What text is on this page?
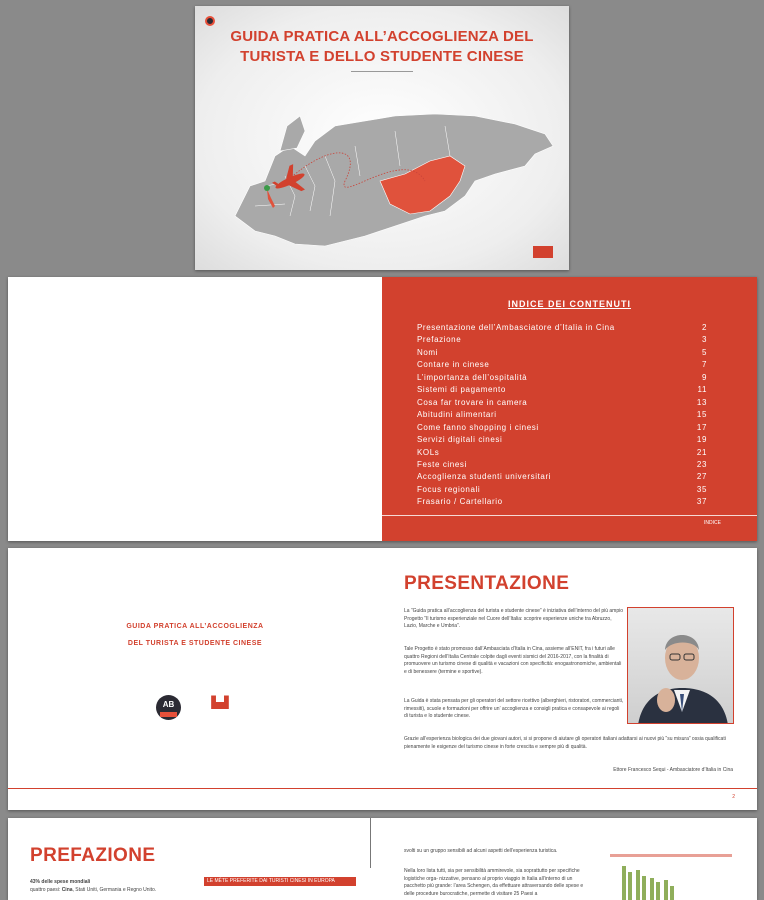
GUIDA PRATICA ALL’ACCOGLIENZA DEL
TURISTA E DELLO STUDENTE CINESE
INDICE DEI CONTENUTI
Presentazione dell’Ambasciatore d’Italia in Cina	2
Prefazione	3
Nomi	5
Contare in cinese	7
L’importanza dell’ospitalità	9
Sistemi di pagamento	11
Cosa far trovare in camera	13
Abitudini alimentari	15
Come fanno shopping i cinesi	17
Servizi digitali cinesi	19
KOLs	21
Feste cinesi	23
Accoglienza studenti universitari	27
Focus regionali	35
Frasario / Cartellario	37
INDICE
GUIDA PRATICA ALL’ACCOGLIENZA
DEL TURISTA E STUDENTE CINESE
AB	▙▟
PRESENTAZIONE
La “Guida pratica all’accoglienza del turista e studente cinese” è iniziativa dell’interno del più ampio Progetto “Il turismo esperienziale nel Cuore dell’Italia: scoprire esperienze uniche tra Abruzzo, Lazio, Marche e Umbria”.
Tale Progetto è stato promosso dall’Ambasciata d’Italia in Cina, assieme all’ENIT, fra i futuri alle quattro Regioni dell’Italia Centrale colpite dagli eventi sismici del 2016-2017, con la finalità di promuovere un turismo cinese di qualità e vacazioni con specificità: enogastronomiche, ambientali e di benessere (termine e sportive).
La Guida è stata pensata per gli operatori del settore ricettivo (alberghieri, ristoratori, commercianti, rimessiti), scuole e formazioni per offrire un’ accoglienza e consigli pratica e consapevole ai regoli di turista e lo studente cinese.
Grazie all’esperienza biologica dei due giovani autori, si si propone di aiutare gli operatori italiani adattarsi ai nuovi più “su misura” ossia qualificati pienamente le esigenze del turismo cinese in forte crescita e sempre più di qualità.
Ettore Francesco Sequi - Ambasciatore d’Italia in Cina
2
PREFAZIONE
43% delle spese mondiali
quattro paesi: Cina, Stati Uniti, Germania e Regno Unito.
LE MÈTE PREFERITE DAI TURISTI CINESI IN EUROPA
svolti su un gruppo sensibili ad alcuni aspetti dell’esperienza turistica.
Nella loro lista tutti, sia per sensibilità ammirevole, sia soprattutto per specifiche logistiche orga- nizzative, pensano al proprio viaggio in Italia all’interno di un pacchetto più grande: l’area Schengen, da effettuare attraversando delle spese e delle procedure burocratiche, permette di visitare 25 Paesi a
